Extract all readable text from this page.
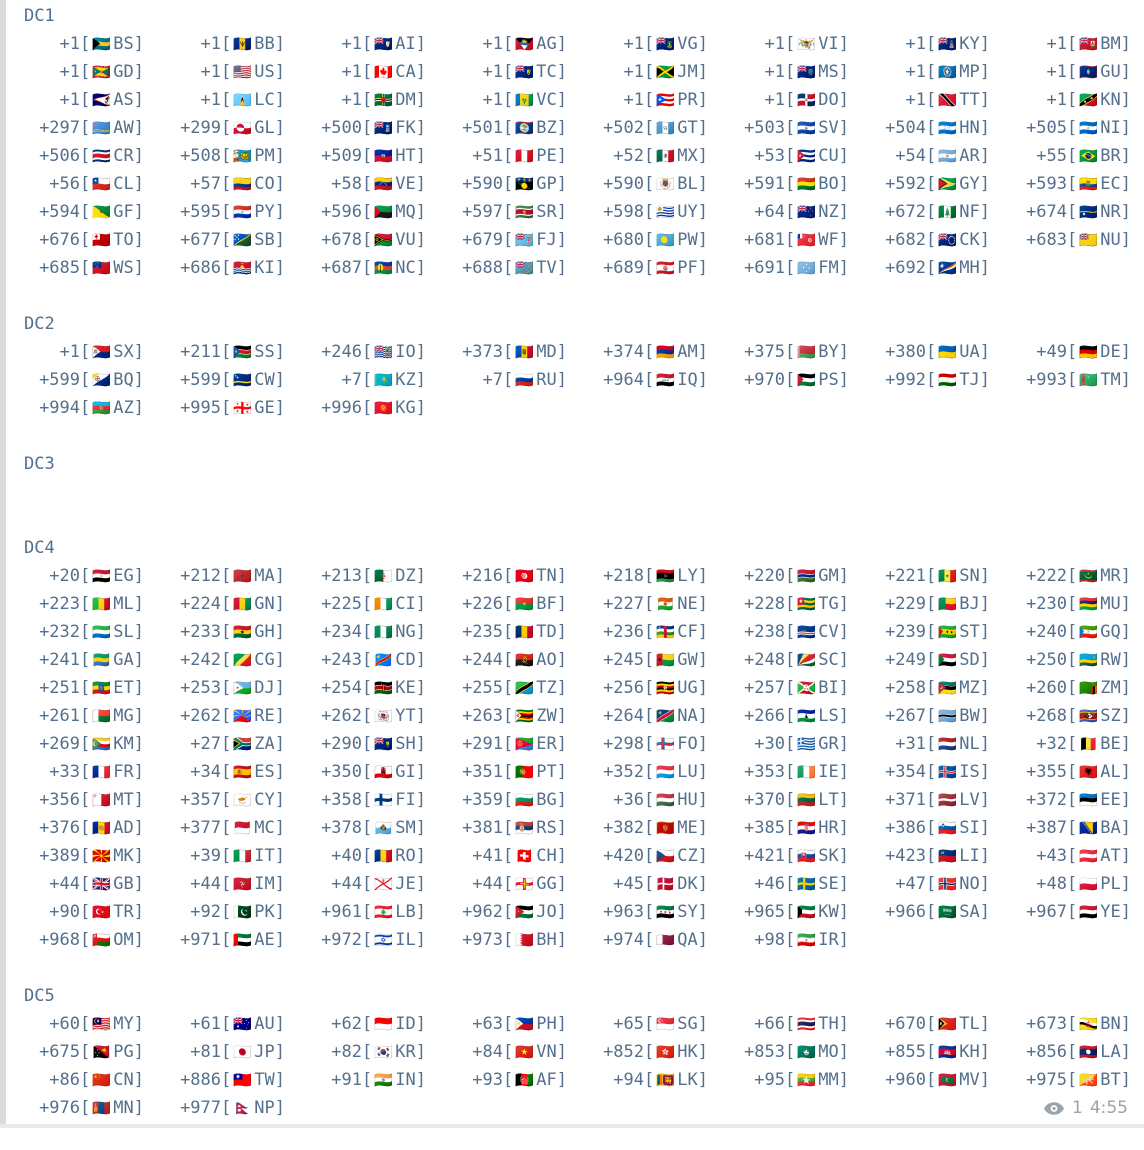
DC1
+1 [ 🇧🇸 BS ]	+1 [ 🇧🇧 BB ]	+1 [ 🇦🇮 AI ]	+1 [ 🇦🇬 AG ]	+1 [ 🇻🇬 VG ]	+1 [ 🇻🇮 VI ]	+1 [ 🇰🇾 KY ]	+1 [ 🇧🇲 BM ]
+1 [ 🇬🇩 GD ]	+1 [ 🇺🇸 US ]	+1 [ 🇨🇦 CA ]	+1 [ 🇹🇨 TC ]	+1 [ 🇯🇲 JM ]	+1 [ 🇲🇸 MS ]	+1 [ 🇲🇵 MP ]	+1 [ 🇬🇺 GU ]
+1 [ 🇦🇸 AS ]	+1 [ 🇱🇨 LC ]	+1 [ 🇩🇲 DM ]	+1 [ 🇻🇨 VC ]	+1 [ 🇵🇷 PR ]	+1 [ 🇩🇴 DO ]	+1 [ 🇹🇹 TT ]	+1 [ 🇰🇳 KN ]
+297 [ 🇦🇼 AW ] +299 [ 🇬🇱 GL ] +500 [ 🇫🇰 FK ] +501 [ 🇧🇿 BZ ] +502 [ 🇬🇹 GT ] +503 [ 🇸🇻 SV ] +504 [ 🇭🇳 HN ] +505 [ 🇳🇮 NI ]
+506 [ 🇨🇷 CR ] +508 [ 🇵🇲 PM ] +509 [ 🇭🇹 HT ]	+51 [ 🇵🇪 PE ]	+52 [ 🇲🇽 MX ]	+53 [ 🇨🇺 CU ]	+54 [ 🇦🇷 AR ]	+55 [ 🇧🇷 BR ]
+56 [ 🇨🇱 CL ]	+57 [ 🇨🇴 CO ]	+58 [ 🇻🇪 VE ] +590 [ 🇬🇵 GP ] +590 [ 🇧🇱 BL ] +591 [ 🇧🇴 BO ] +592 [ 🇬🇾 GY ] +593 [ 🇪🇨 EC ]
+594 [ 🇬🇫 GF ] +595 [ 🇵🇾 PY ] +596 [ 🇲🇶 MQ ] +597 [ 🇸🇷 SR ] +598 [ 🇺🇾 UY ]	+64 [ 🇳🇿 NZ ] +672 [ 🇳🇫 NF ] +674 [ 🇳🇷 NR ]
+676 [ 🇹🇴 TO ] +677 [ 🇸🇧 SB ] +678 [ 🇻🇺 VU ] +679 [ 🇫🇯 FJ ] +680 [ 🇵🇼 PW ] +681 [ 🇼🇫 WF ] +682 [ 🇨🇰 CK ] +683 [ 🇳🇺 NU ]
+685 [ 🇼🇸 WS ] +686 [ 🇰🇮 KI ] +687 [ 🇳🇨 NC ] +688 [ 🇹🇻 TV ] +689 [ 🇵🇫 PF ] +691 [ 🇫🇲 FM ] +692 [ 🇲🇭 MH ]
DC2
+1 [ 🇸🇽 SX ] +211 [ 🇸🇸 SS ] +246 [ 🇮🇴 IO ] +373 [ 🇲🇩 MD ] +374 [ 🇦🇲 AM ] +375 [ 🇧🇾 BY ] +380 [ 🇺🇦 UA ]	+49 [ 🇩🇪 DE ]
+599 [ 🇧🇶 BQ ] +599 [ 🇨🇼 CW ]	+7 [ 🇰🇿 KZ ]	+7 [ 🇷🇺 RU ] +964 [ 🇮🇶 IQ ] +970 [ 🇵🇸 PS ] +992 [ 🇹🇯 TJ ] +993 [ 🇹🇲 TM ]
+994 [ 🇦🇿 AZ ] +995 [ 🇬🇪 GE ] +996 [ 🇰🇬 KG ]
DC3
DC4
+20 [ 🇪🇬 EG ] +212 [ 🇲🇦 MA ] +213 [ 🇩🇿 DZ ] +216 [ 🇹🇳 TN ] +218 [ 🇱🇾 LY ] +220 [ 🇬🇲 GM ] +221 [ 🇸🇳 SN ] +222 [ 🇲🇷 MR ]
+223 [ 🇲🇱 ML ] +224 [ 🇬🇳 GN ] +225 [ 🇨🇮 CI ] +226 [ 🇧🇫 BF ] +227 [ 🇳🇪 NE ] +228 [ 🇹🇬 TG ] +229 [ 🇧🇯 BJ ] +230 [ 🇲🇺 MU ]
+232 [ 🇸🇱 SL ] +233 [ 🇬🇭 GH ] +234 [ 🇳🇬 NG ] +235 [ 🇹🇩 TD ] +236 [ 🇨🇫 CF ] +238 [ 🇨🇻 CV ] +239 [ 🇸🇹 ST ] +240 [ 🇬🇶 GQ ]
+241 [ 🇬🇦 GA ] +242 [ 🇨🇬 CG ] +243 [ 🇨🇩 CD ] +244 [ 🇦🇴 AO ] +245 [ 🇬🇼 GW ] +248 [ 🇸🇨 SC ] +249 [ 🇸🇩 SD ] +250 [ 🇷🇼 RW ]
+251 [ 🇪🇹 ET ] +253 [ 🇩🇯 DJ ] +254 [ 🇰🇪 KE ] +255 [ 🇹🇿 TZ ] +256 [ 🇺🇬 UG ] +257 [ 🇧🇮 BI ] +258 [ 🇲🇿 MZ ] +260 [ 🇿🇲 ZM ]
+261 [ 🇲🇬 MG ] +262 [ 🇷🇪 RE ] +262 [ 🇾🇹 YT ] +263 [ 🇿🇼 ZW ] +264 [ 🇳🇦 NA ] +266 [ 🇱🇸 LS ] +267 [ 🇧🇼 BW ] +268 [ 🇸🇿 SZ ]
+269 [ 🇰🇲 KM ]	+27 [ 🇿🇦 ZA ] +290 [ 🇸🇭 SH ] +291 [ 🇪🇷 ER ] +298 [ 🇫🇴 FO ]	+30 [ 🇬🇷 GR ]	+31 [ 🇳🇱 NL ]	+32 [ 🇧🇪 BE ]
+33 [ 🇫🇷 FR ]	+34 [ 🇪🇸 ES ] +350 [ 🇬🇮 GI ] +351 [ 🇵🇹 PT ] +352 [ 🇱🇺 LU ] +353 [ 🇮🇪 IE ] +354 [ 🇮🇸 IS ] +355 [ 🇦🇱 AL ]
+356 [ 🇲🇹 MT ] +357 [ 🇨🇾 CY ] +358 [ 🇫🇮 FI ] +359 [ 🇧🇬 BG ]	+36 [ 🇭🇺 HU ] +370 [ 🇱🇹 LT ] +371 [ 🇱🇻 LV ] +372 [ 🇪🇪 EE ]
+376 [ 🇦🇩 AD ] +377 [ 🇲🇨 MC ] +378 [ 🇸🇲 SM ] +381 [ 🇷🇸 RS ] +382 [ 🇲🇪 ME ] +385 [ 🇭🇷 HR ] +386 [ 🇸🇮 SI ] +387 [ 🇧🇦 BA ]
+389 [ 🇲🇰 MK ]	+39 [ 🇮🇹 IT ]	+40 [ 🇷🇴 RO ]	+41 [ 🇨🇭 CH ] +420 [ 🇨🇿 CZ ] +421 [ 🇸🇰 SK ] +423 [ 🇱🇮 LI ]	+43 [ 🇦🇹 AT ]
+44 [ 🇬🇧 GB ]	+44 [ 🇮🇲 IM ]	+44 [ 🇯🇪 JE ]	+44 [ 🇬🇬 GG ]	+45 [ 🇩🇰 DK ]	+46 [ 🇸🇪 SE ]	+47 [ 🇳🇴 NO ]	+48 [ 🇵🇱 PL ]
+90 [ 🇹🇷 TR ]	+92 [ 🇵🇰 PK ] +961 [ 🇱🇧 LB ] +962 [ 🇯🇴 JO ] +963 [ 🇸🇾 SY ] +965 [ 🇰🇼 KW ] +966 [ 🇸🇦 SA ] +967 [ 🇾🇪 YE ]
+968 [ 🇴🇲 OM ] +971 [ 🇦🇪 AE ] +972 [ 🇮🇱 IL ] +973 [ 🇧🇭 BH ] +974 [ 🇶🇦 QA ]	+98 [ 🇮🇷 IR ]
DC5
+60 [ 🇲🇾 MY ]	+61 [ 🇦🇺 AU ]	+62 [ 🇮🇩 ID ]	+63 [ 🇵🇭 PH ]	+65 [ 🇸🇬 SG ]	+66 [ 🇹🇭 TH ] +670 [ 🇹🇱 TL ] +673 [ 🇧🇳 BN ]
+675 [ 🇵🇬 PG ]	+81 [ 🇯🇵 JP ]	+82 [ 🇰🇷 KR ]	+84 [ 🇻🇳 VN ] +852 [ 🇭🇰 HK ] +853 [ 🇲🇴 MO ] +855 [ 🇰🇭 KH ] +856 [ 🇱🇦 LA ]
+86 [ 🇨🇳 CN ] +886 [ 🇹🇼 TW ]	+91 [ 🇮🇳 IN ]	+93 [ 🇦🇫 AF ]	+94 [ 🇱🇰 LK ]	+95 [ 🇲🇲 MM ] +960 [ 🇲🇻 MV ] +975 [ 🇧🇹 BT ]
+976 [ 🇲🇳 MN ] +977 [ 🇳🇵 NP ]	1 4:55
